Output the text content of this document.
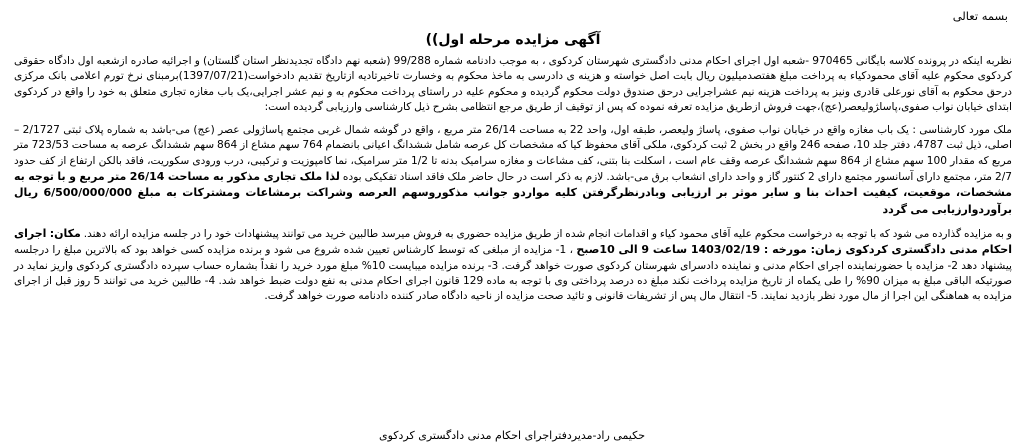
بسمه تعالی
آگهی مزایده مرحله اول))

نظربه اینکه در پرونده کلاسه بایگانی 970465 -شعبه اول اجرای احکام مدنی دادگستری شهرستان کردکوی ، به موجب دادنامه شماره 99/288 (شعبه نهم دادگاه تجدیدنظر استان گلستان) و اجرائیه صادره ازشعبه اول دادگاه حقوقی کردکوی محکوم علیه آقای محمودکیاء به پرداخت مبلغ هفتصدمیلیون ریال بابت اصل خواسته و هزینه ی دادرسی به ماخذ محکوم به وخسارت تاخیرتادیه ازتاریخ تقدیم دادخواست(1397/07/21)برمبنای نرخ تورم اعلامی بانک مرکزی درحق محکوم به آقای نورعلی قادری ونیز به پرداخت هزینه نیم عشراجرایی درحق صندوق دولت محکوم گردیده و محکوم علیه در راستای پرداخت محکوم به و نیم عشر اجرایی،یک باب مغازه تجاری متعلق به خود را واقع در کردکوی ابتدای خیابان نواب صفوی،پاسا‍ژولیعصر(عج)،جهت فروش ازطریق مزایده تعرفه نموده که پس از توقیف از طریق مرجع انتظامی بشرح ذیل کارشناسی وارزیابی گردیده است:

ملک مورد کارشناسی : یک باب مغازه واقع در خیابان نواب صفوی، پاساژ ولیعصر، طبقه اول، واحد 22 به مساحت 26/14 متر مربع ، واقع در گوشه شمال غربی مجتمع پاساژولی عصر (عج) می-باشد به شماره پلاک ثبتی 2/1727 – اصلی، ذیل ثبت 4787، دفتر جلد 10، صفحه 246 واقع در بخش 2 ثبت کردکوی، ملکی آقای محفوظ کیا که مشخصات کل عرصه شامل ششدانگ اعیانی بانضمام 764 سهم مشاع از 864 سهم ششدانگ عرصه به مساحت 723/53 متر مربع که مقدار 100 سهم مشاع از 864 سهم ششدانگ عرصه وقف عام است ، اسکلت بنا بتنی، کف مشاعات و مغازه سرامیک بدنه تا 1/2 متر سرامیک، نما کامپوزیت و ترکیبی، درب ورودی سکوریت، فاقد بالکن ارتفاع از کف حدود 2/7 متر، مجتمع دارای آسانسور مجتمع دارای 2 کنتور گاز و واحد دارای انشعاب برق می-باشد. لازم به ذکر است در حال حاضر ملک فاقد اسناد تفکیکی بوده لذا ملک تجاری مذکور به مساحت 26/14 متر مربع و با توجه به مشخصات، موقعیت، کیفیت احداث بنا و سایر موثر بر ارزیابی وبادرنظرگرفتن کلیه مواردو جوانب مذکوروسهم العرصه وشراکت برمشاعات ومشترکات به مبلغ 6/500/000/000 ریال برآوردوارزیابی می گردد

و به مزایده گذارده می شود که با توجه به درخواست محکوم علیه آقای محمود کیاء و اقدامات انجام شده از طریق مزایده حضوری به فروش میرسد طالبین خرید می توانند پیشنهادات خود را در جلسه مزایده ارائه دهند. مکان: اجرای احکام مدنی دادگستری کردکوی زمان: مورخه : 1403/02/19 ساعت 9 الی 10صبح ، 1- مزایده از مبلغی که توسط کارشناس تعیین شده شروع می شود و برنده مزایده کسی خواهد بود که بالاترین مبلغ را درجلسه پیشنهاد دهد 2- مزایده با حضورنماینده اجرای احکام مدنی و نماینده دادسرای شهرستان کردکوی صورت خواهد گرفت. 3- برنده مزایده میبایست 10% مبلغ مورد خرید را نقداً بشماره حساب سپرده دادگستری کردکوی واریز نماید در صورتیکه الباقی مبلغ به میزان 90% را طی یکماه از تاریخ مزایده پرداخت نکند مبلغ ده درصد پرداختی وی با توجه به ماده 129 قانون اجرای احکام مدنی به نفع دولت ضبط خواهد شد. 4- طالبین خرید می توانند 5 روز قبل از اجرای مزایده به هماهنگی این اجرا از مال مورد نظر بازدید نمایند. 5- انتقال مال پس از تشریفات قانونی و تائید صحت مزایده از ناحیه دادگاه صادر کننده دادنامه صورت خواهد گرفت.

حکیمی راد-مدیردفتراجرای احکام مدنی دادگستری کردکوی
